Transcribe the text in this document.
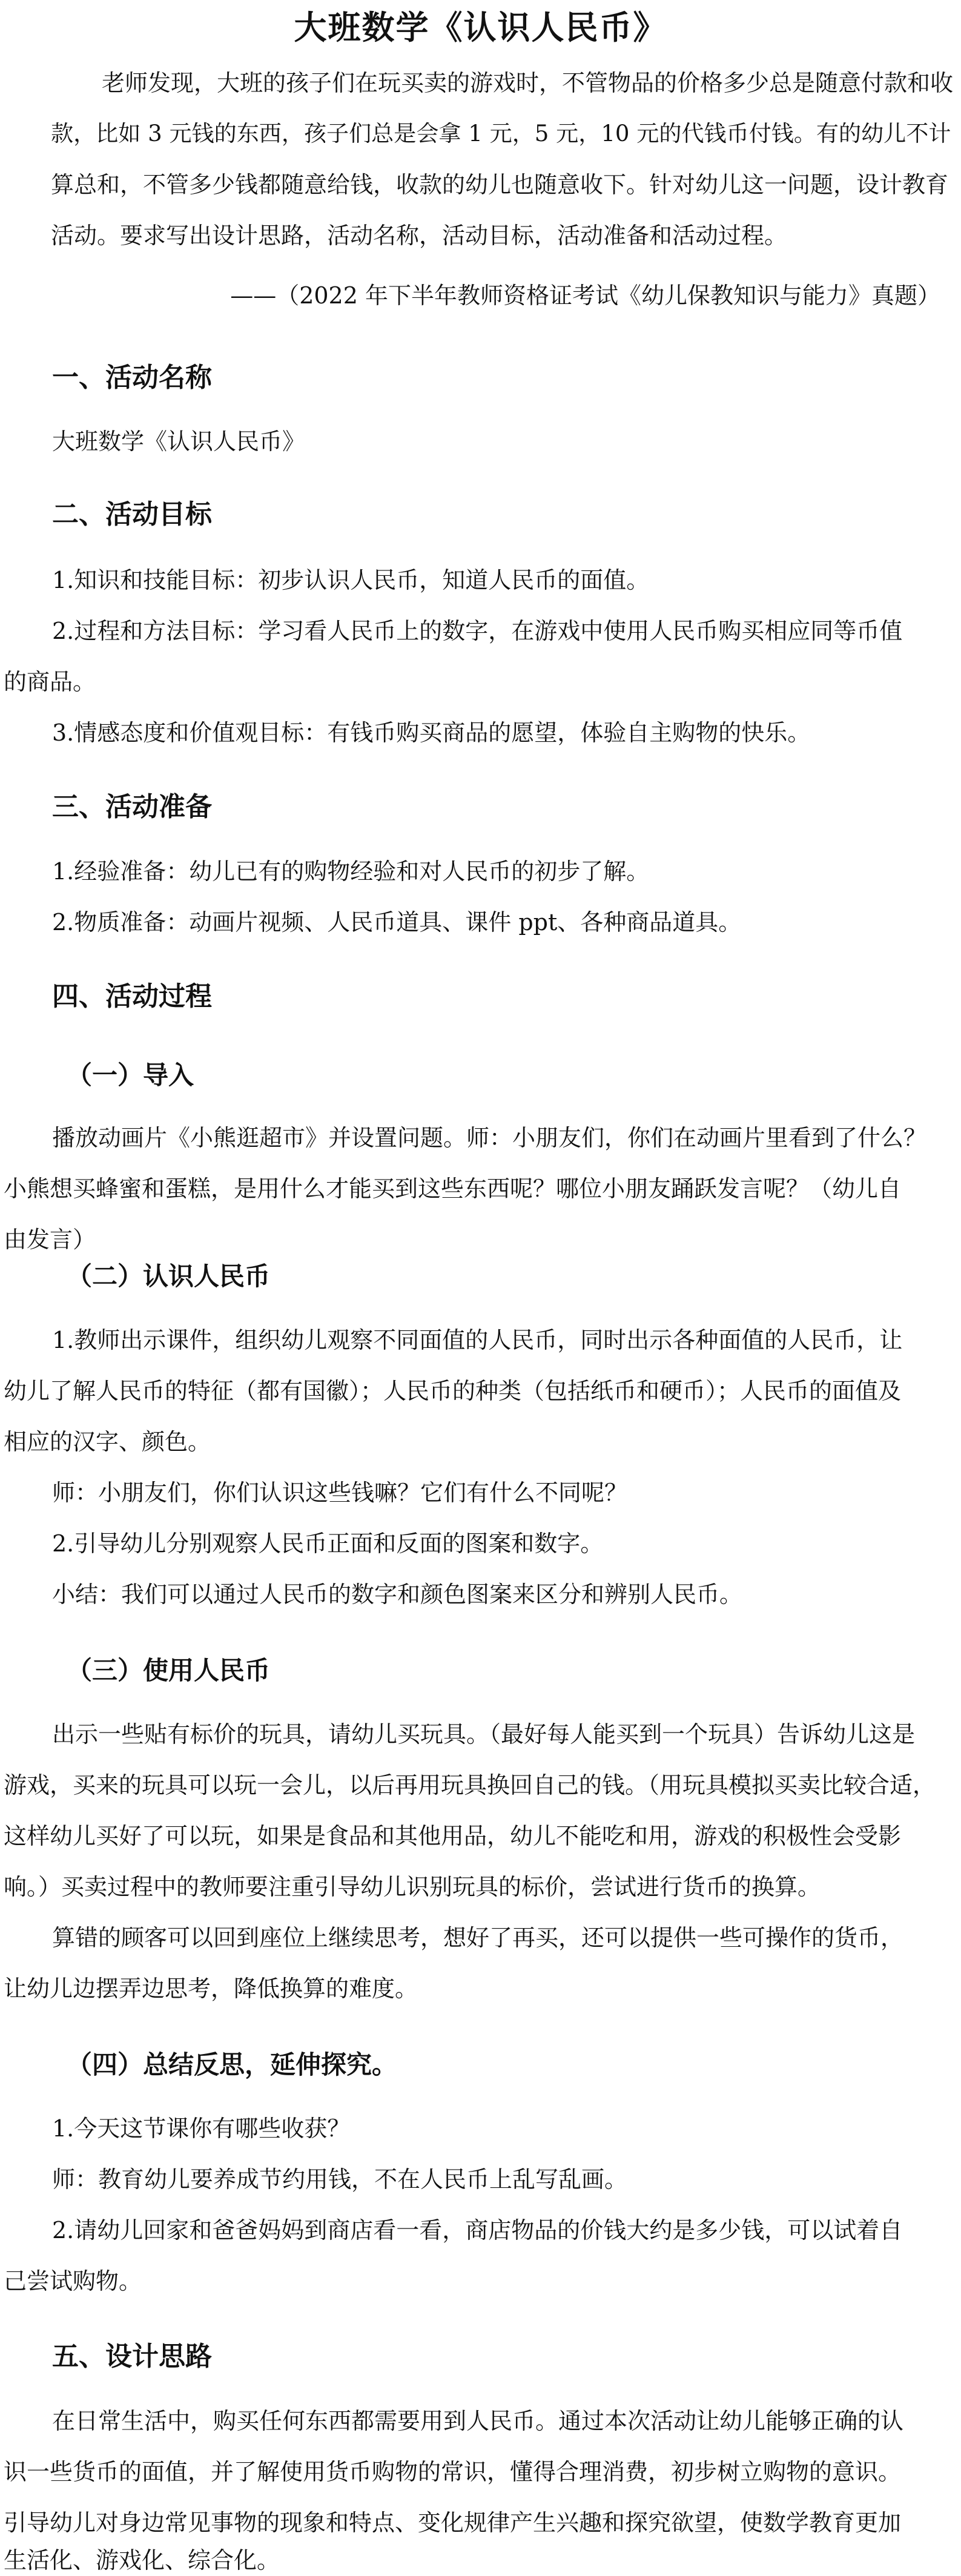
大班数学《认识人民币》

老师发现，大班的孩子们在玩买卖的游戏时，不管物品的价格多少总是随意付款和收

款，比如 3 元钱的东西，孩子们总是会拿 1 元，5 元，10 元的代钱币付钱。有的幼儿不计

算总和，不管多少钱都随意给钱，收款的幼儿也随意收下。针对幼儿这一问题，设计教育

活动。要求写出设计思路，活动名称，活动目标，活动准备和活动过程。

——（2022 年下半年教师资格证考试《幼儿保教知识与能力》真题）
一、活动名称

大班数学《认识人民币》

二、活动目标

1.知识和技能目标：初步认识人民币，知道人民币的面值。

2.过程和方法目标：学习看人民币上的数字，在游戏中使用人民币购买相应同等币值

的商品。

3.情感态度和价值观目标：有钱币购买商品的愿望，体验自主购物的快乐。

三、活动准备

1.经验准备：幼儿已有的购物经验和对人民币的初步了解。

2.物质准备：动画片视频、人民币道具、课件 ppt、各种商品道具。

四、活动过程
（一）导入

播放动画片《小熊逛超市》并设置问题。师：小朋友们，你们在动画片里看到了什么？

小熊想买蜂蜜和蛋糕，是用什么才能买到这些东西呢？哪位小朋友踊跃发言呢？（幼儿自

由发言）

（二）认识人民币

1.教师出示课件，组织幼儿观察不同面值的人民币，同时出示各种面值的人民币，让

幼儿了解人民币的特征（都有国徽）；人民币的种类（包括纸币和硬币）；人民币的面值及

相应的汉字、颜色。

师：小朋友们，你们认识这些钱嘛？它们有什么不同呢？

2.引导幼儿分别观察人民币正面和反面的图案和数字。

小结：我们可以通过人民币的数字和颜色图案来区分和辨别人民币。

（三）使用人民币

出示一些贴有标价的玩具，请幼儿买玩具。（最好每人能买到一个玩具）告诉幼儿这是

游戏，买来的玩具可以玩一会儿，以后再用玩具换回自己的钱。（用玩具模拟买卖比较合适，

这样幼儿买好了可以玩，如果是食品和其他用品，幼儿不能吃和用，游戏的积极性会受影

响。）买卖过程中的教师要注重引导幼儿识别玩具的标价，尝试进行货币的换算。

算错的顾客可以回到座位上继续思考，想好了再买，还可以提供一些可操作的货币，

让幼儿边摆弄边思考，降低换算的难度。

（四）总结反思，延伸探究。

1.今天这节课你有哪些收获？

师：教育幼儿要养成节约用钱，不在人民币上乱写乱画。

2.请幼儿回家和爸爸妈妈到商店看一看，商店物品的价钱大约是多少钱，可以试着自

己尝试购物。

五、设计思路

在日常生活中，购买任何东西都需要用到人民币。通过本次活动让幼儿能够正确的认

识一些货币的面值，并了解使用货币购物的常识，懂得合理消费，初步树立购物的意识。

引导幼儿对身边常见事物的现象和特点、变化规律产生兴趣和探究欲望，使数学教育更加

生活化、游戏化、综合化。
